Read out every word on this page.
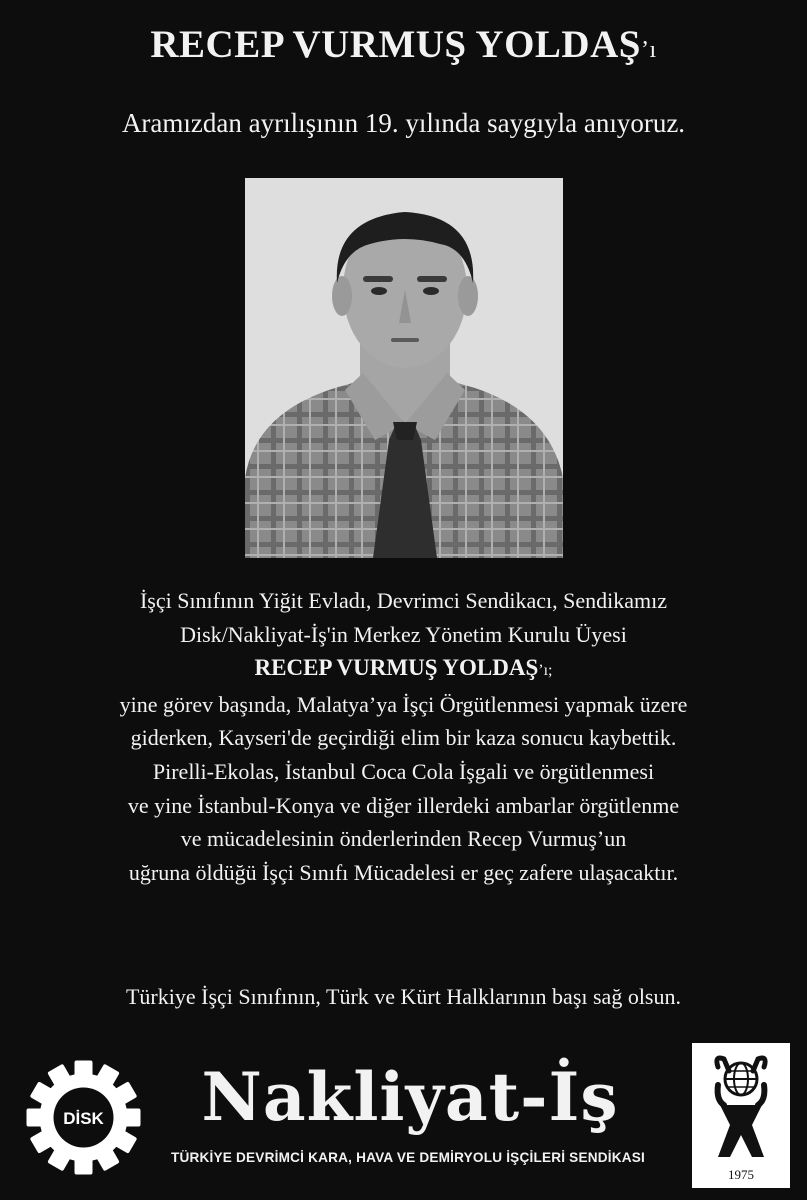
RECEP VURMUŞ YOLDAŞ’ı
Aramızdan ayrılışının 19. yılında saygıyla anıyoruz.
İşçi Sınıfının Yiğit Evladı, Devrimci Sendikacı, Sendikamız
Disk/Nakliyat-İş'in Merkez Yönetim Kurulu Üyesi
RECEP VURMUŞ YOLDAŞ’ı;
yine görev başında, Malatya’ya İşçi Örgütlenmesi yapmak üzere
giderken, Kayseri'de geçirdiği elim bir kaza sonucu kaybettik.
Pirelli-Ekolas, İstanbul Coca Cola İşgali ve örgütlenmesi
ve yine İstanbul-Konya ve diğer illerdeki ambarlar örgütlenme
ve mücadelesinin önderlerinden Recep Vurmuş’un
uğruna öldüğü İşçi Sınıfı Mücadelesi er geç zafere ulaşacaktır.
Türkiye İşçi Sınıfının, Türk ve Kürt Halklarının başı sağ olsun.
DİSK	Nakliyat-İş
TÜRKİYE DEVRİMCİ KARA, HAVA VE DEMİRYOLU İŞÇİLERİ SENDİKASI
1975
